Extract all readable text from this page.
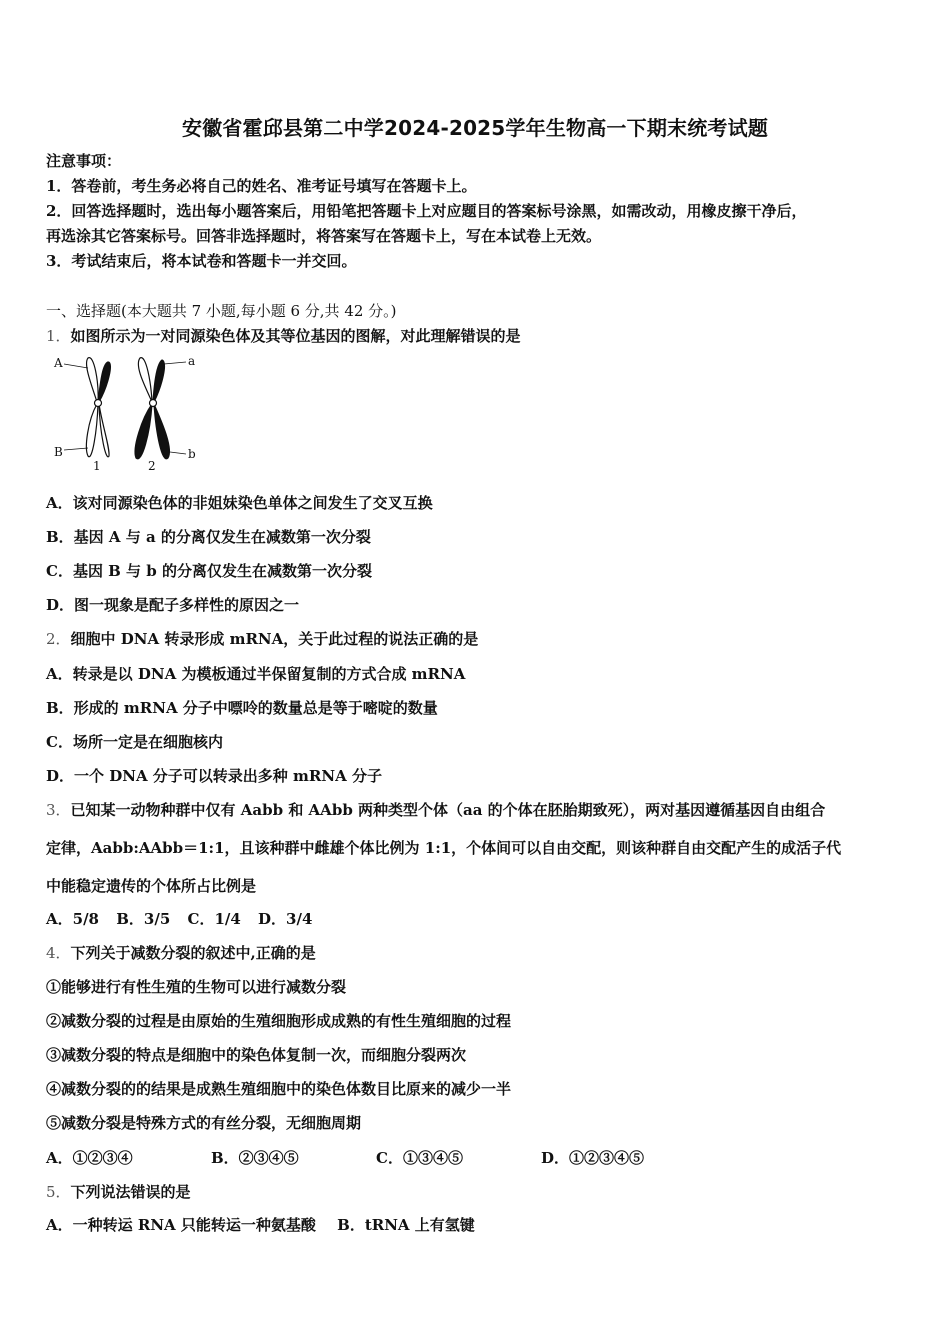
安徽省霍邱县第二中学2024-2025学年生物高一下期末统考试题
注意事项：
1．答卷前，考生务必将自己的姓名、准考证号填写在答题卡上。
2．回答选择题时，选出每小题答案后，用铅笔把答题卡上对应题目的答案标号涂黑，如需改动，用橡皮擦干净后，
再选涂其它答案标号。回答非选择题时，将答案写在答题卡上，写在本试卷上无效。
3．考试结束后，将本试卷和答题卡一并交回。
一、选择题(本大题共 7 小题,每小题 6 分,共 42 分。)
1．如图所示为一对同源染色体及其等位基因的图解，对此理解错误的是
A
B
a
b
1	2
A．该对同源染色体的非姐妹染色单体之间发生了交叉互换
B．基因 A 与 a 的分离仅发生在减数第一次分裂
C．基因 B 与 b 的分离仅发生在减数第一次分裂
D．图一现象是配子多样性的原因之一
2．细胞中 DNA 转录形成 mRNA，关于此过程的说法正确的是
A．转录是以 DNA 为模板通过半保留复制的方式合成 mRNA
B．形成的 mRNA 分子中嘌呤的数量总是等于嘧啶的数量
C．场所一定是在细胞核内
D．一个 DNA 分子可以转录出多种 mRNA 分子
3．已知某一动物种群中仅有 Aabb 和 AAbb 两种类型个体（aa 的个体在胚胎期致死），两对基因遵循基因自由组合
定律，Aabb:AAbb＝1:1，且该种群中雌雄个体比例为 1:1，个体间可以自由交配，则该种群自由交配产生的成活子代
中能稳定遗传的个体所占比例是
A．5/8 B．3/5 C．1/4 D．3/4
4．下列关于减数分裂的叙述中,正确的是
①能够进行有性生殖的生物可以进行减数分裂
②减数分裂的过程是由原始的生殖细胞形成成熟的有性生殖细胞的过程
③减数分裂的特点是细胞中的染色体复制一次，而细胞分裂两次
④减数分裂的的结果是成熟生殖细胞中的染色体数目比原来的减少一半
⑤减数分裂是特殊方式的有丝分裂，无细胞周期
A．①②③④	B．②③④⑤	C．①③④⑤	D．①②③④⑤
5．下列说法错误的是
A．一种转运 RNA 只能转运一种氨基酸 B．tRNA 上有氢键
